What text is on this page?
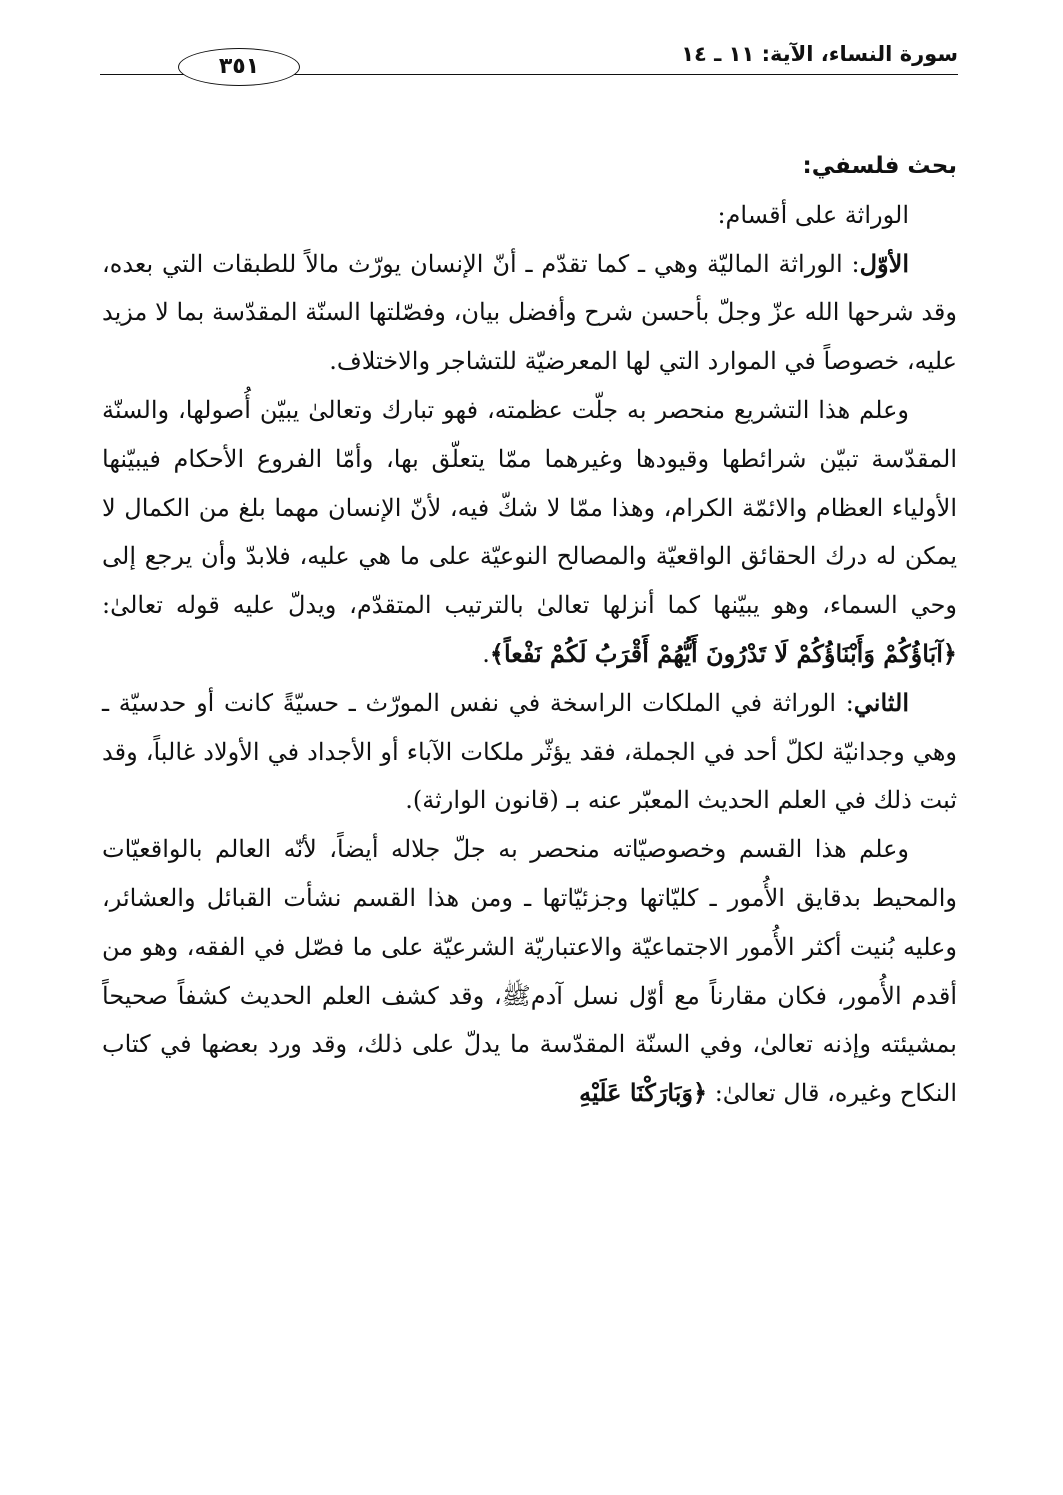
سورة النساء، الآية: ١١ ـ ١٤
٣٥١

بحث فلسفي:

الوراثة على أقسام:

الأوّل: الوراثة الماليّة وهي ـ كما تقدّم ـ أنّ الإنسان يورّث مالاً للطبقات التي بعده، وقد شرحها الله عزّ وجلّ بأحسن شرح وأفضل بيان، وفصّلتها السنّة المقدّسة بما لا مزيد عليه، خصوصاً في الموارد التي لها المعرضيّة للتشاجر والاختلاف.

وعلم هذا التشريع منحصر به جلّت عظمته، فهو تبارك وتعالىٰ يبيّن أُصولها، والسنّة المقدّسة تبيّن شرائطها وقيودها وغيرهما ممّا يتعلّق بها، وأمّا الفروع الأحكام فيبيّنها الأولياء العظام والائمّة الكرام، وهذا ممّا لا شكّ فيه، لأنّ الإنسان مهما بلغ من الكمال لا يمكن له درك الحقائق الواقعيّة والمصالح النوعيّة على ما هي عليه، فلابدّ وأن يرجع إلى وحي السماء، وهو يبيّنها كما أنزلها تعالىٰ بالترتيب المتقدّم، ويدلّ عليه قوله تعالىٰ: ﴿آبَاؤُكُمْ وَأَبْنَاؤُكُمْ لَا تَدْرُونَ أَيُّهُمْ أَقْرَبُ لَكُمْ نَفْعاً﴾.

الثاني: الوراثة في الملكات الراسخة في نفس المورّث ـ حسيّةً كانت أو حدسيّة ـ وهي وجدانيّة لكلّ أحد في الجملة، فقد يؤثّر ملكات الآباء أو الأجداد في الأولاد غالباً، وقد ثبت ذلك في العلم الحديث المعبّر عنه بـ (قانون الوارثة).

وعلم هذا القسم وخصوصيّاته منحصر به جلّ جلاله أيضاً، لأنّه العالم بالواقعيّات والمحيط بدقايق الأُمور ـ كليّاتها وجزئيّاتها ـ ومن هذا القسم نشأت القبائل والعشائر، وعليه بُنيت أكثر الأُمور الاجتماعيّة والاعتباريّة الشرعيّة على ما فصّل في الفقه، وهو من أقدم الأُمور، فكان مقارناً مع أوّل نسل آدمﷺ، وقد كشف العلم الحديث كشفاً صحيحاً بمشيئته وإذنه تعالىٰ، وفي السنّة المقدّسة ما يدلّ على ذلك، وقد ورد بعضها في كتاب النكاح وغيره، قال تعالىٰ: ﴿وَبَارَكْنَا عَلَيْهِ
